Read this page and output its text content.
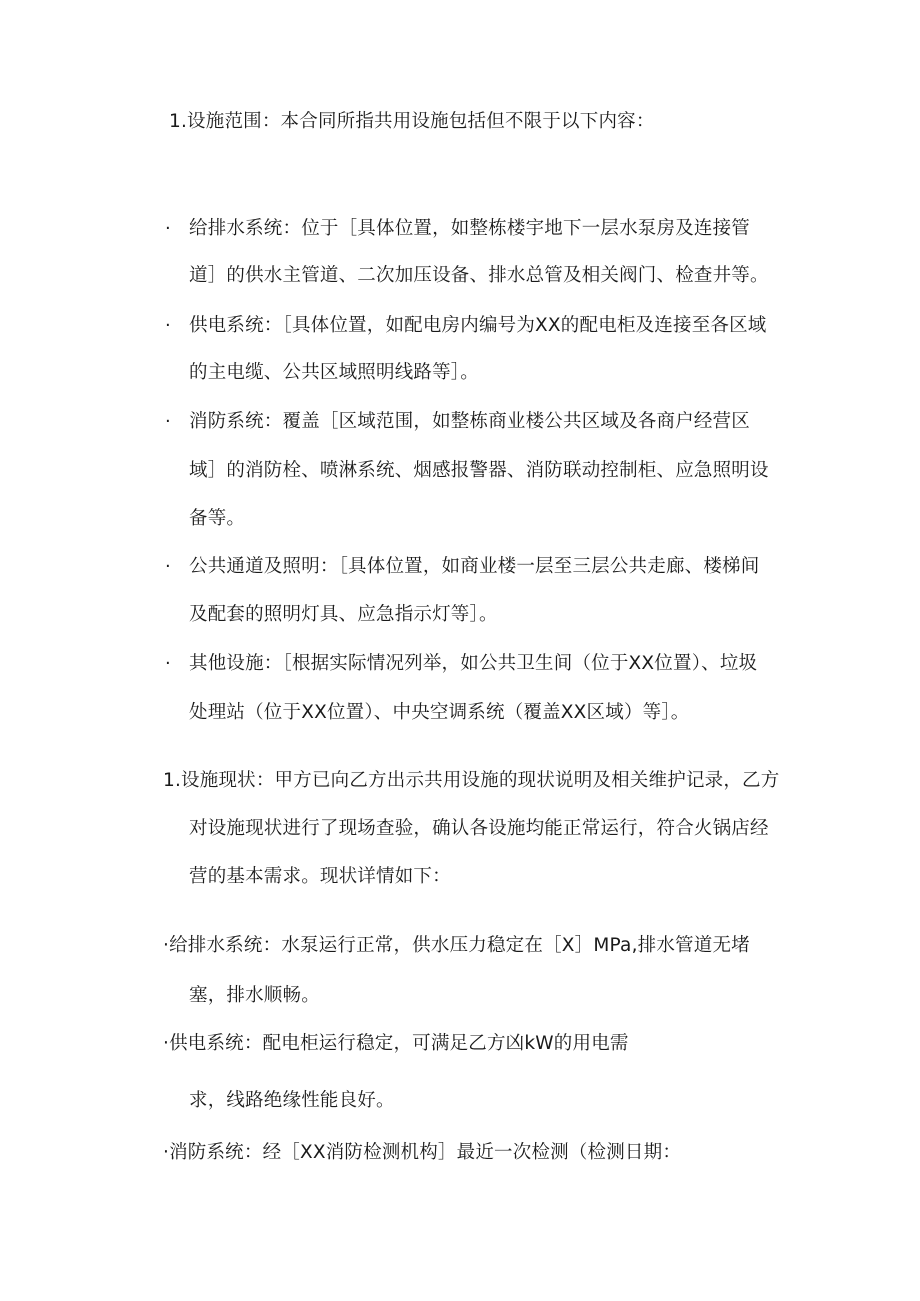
1.设施范围：本合同所指共用设施包括但不限于以下内容：
· 给排水系统：位于［具体位置，如整栋楼宇地下一层水泵房及连接管
道］的供水主管道、二次加压设备、排水总管及相关阀门、检查井等。
· 供电系统：［具体位置，如配电房内编号为XX的配电柜及连接至各区域
的主电缆、公共区域照明线路等］。
· 消防系统：覆盖［区域范围，如整栋商业楼公共区域及各商户经营区
域］的消防栓、喷淋系统、烟感报警器、消防联动控制柜、应急照明设
备等。
· 公共通道及照明：［具体位置，如商业楼一层至三层公共走廊、楼梯间
及配套的照明灯具、应急指示灯等］。
· 其他设施：［根据实际情况列举，如公共卫生间（位于XX位置）、垃圾
处理站（位于XX位置）、中央空调系统（覆盖XX区域）等］。
1.设施现状：甲方已向乙方出示共用设施的现状说明及相关维护记录，乙方
对设施现状进行了现场查验，确认各设施均能正常运行，符合火锅店经
营的基本需求。现状详情如下：
·给排水系统：水泵运行正常，供水压力稳定在［X］MPa,排水管道无堵
塞，排水顺畅。
·供电系统：配电柜运行稳定，可满足乙方凶kW的用电需
求，线路绝缘性能良好。
·消防系统：经［XX消防检测机构］最近一次检测（检测日期：
